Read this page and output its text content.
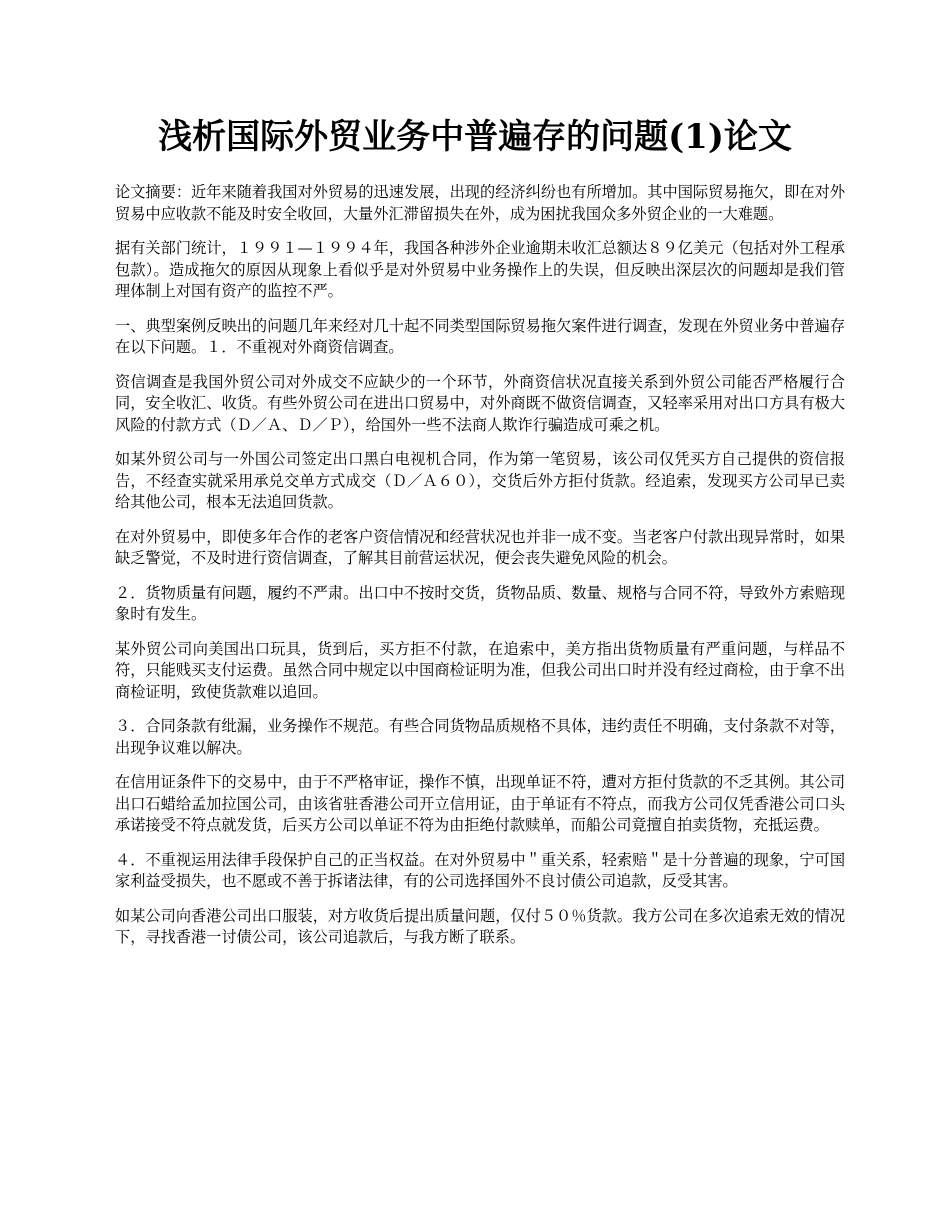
浅析国际外贸业务中普遍存的问题(1)论文

论文摘要：近年来随着我国对外贸易的迅速发展，出现的经济纠纷也有所增加。其中国际贸易拖欠，即在对外贸易中应收款不能及时安全收回，大量外汇滞留损失在外，成为困扰我国众多外贸企业的一大难题。

据有关部门统计，１９９１—１９９４年，我国各种涉外企业逾期未收汇总额达８９亿美元（包括对外工程承包款）。造成拖欠的原因从现象上看似乎是对外贸易中业务操作上的失误，但反映出深层次的问题却是我们管理体制上对国有资产的监控不严。

一、典型案例反映出的问题几年来经对几十起不同类型国际贸易拖欠案件进行调查，发现在外贸业务中普遍存在以下问题。１．不重视对外商资信调查。

资信调查是我国外贸公司对外成交不应缺少的一个环节，外商资信状况直接关系到外贸公司能否严格履行合同，安全收汇、收货。有些外贸公司在进出口贸易中，对外商既不做资信调查，又轻率采用对出口方具有极大风险的付款方式（Ｄ／Ａ、Ｄ／Ｐ），给国外一些不法商人欺诈行骗造成可乘之机。

如某外贸公司与一外国公司签定出口黑白电视机合同，作为第一笔贸易，该公司仅凭买方自己提供的资信报告，不经查实就采用承兑交单方式成交（Ｄ／Ａ６０），交货后外方拒付货款。经追索，发现买方公司早已卖给其他公司，根本无法追回货款。

在对外贸易中，即使多年合作的老客户资信情况和经营状况也并非一成不变。当老客户付款出现异常时，如果缺乏警觉，不及时进行资信调查，了解其目前营运状况，便会丧失避免风险的机会。

２．货物质量有问题，履约不严肃。出口中不按时交货，货物品质、数量、规格与合同不符，导致外方索赔现象时有发生。

某外贸公司向美国出口玩具，货到后，买方拒不付款，在追索中，美方指出货物质量有严重问题，与样品不符，只能贱买支付运费。虽然合同中规定以中国商检证明为准，但我公司出口时并没有经过商检，由于拿不出商检证明，致使货款难以追回。

３．合同条款有纰漏，业务操作不规范。有些合同货物品质规格不具体，违约责任不明确，支付条款不对等，出现争议难以解决。

在信用证条件下的交易中，由于不严格审证，操作不慎，出现单证不符，遭对方拒付货款的不乏其例。其公司出口石蜡给孟加拉国公司，由该省驻香港公司开立信用证，由于单证有不符点，而我方公司仅凭香港公司口头承诺接受不符点就发货，后买方公司以单证不符为由拒绝付款赎单，而船公司竟擅自拍卖货物，充抵运费。

４．不重视运用法律手段保护自己的正当权益。在对外贸易中＂重关系，轻索赔＂是十分普遍的现象，宁可国家利益受损失，也不愿或不善于拆诸法律，有的公司选择国外不良讨债公司追款，反受其害。

如某公司向香港公司出口服装，对方收货后提出质量问题，仅付５０％货款。我方公司在多次追索无效的情况下，寻找香港一讨债公司，该公司追款后，与我方断了联系。
